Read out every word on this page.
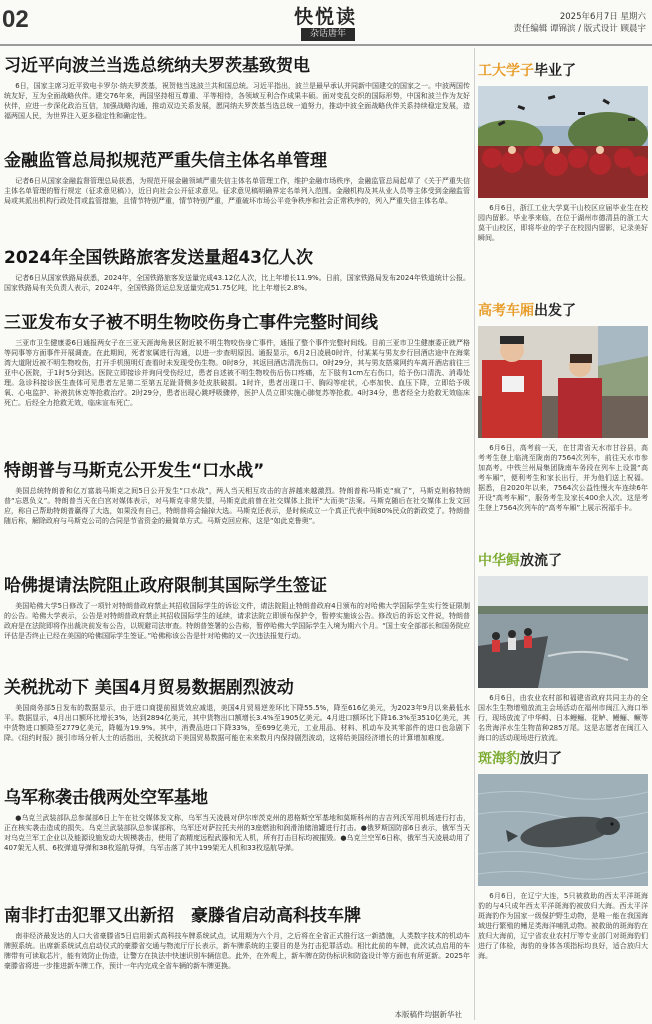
02	快悦读
杂话唐年
2025年6月7日 星期六
责任编辑 谭锦滨 / 版式设计 顾晨宇
习近平向波兰当选总统纳夫罗茨基致贺电

6日，国家主席习近平致电卡罗尔·纳夫罗茨基，祝贺他当选波兰共和国总统。习近平指出，波兰是最早承认并同新中国建交的国家之一。中波两国传统友好，互为全面战略伙伴。建交76年来，两国坚持相互尊重、平等相待，各领域互利合作成果丰硕。面对变乱交织的国际形势，中国和波兰作为友好伙伴，应进一步深化政治互信，加强战略沟通，推动双边关系发展，愿同纳夫罗茨基当选总统一道努力，推动中波全面战略伙伴关系持续稳定发展，造福两国人民，为世界注入更多稳定性和确定性。

金融监管总局拟规范严重失信主体名单管理

记者6日从国家金融监督管理总局获悉，为规范开展金融领域严重失信主体名单管理工作，维护金融市场秩序，金融监管总局起草了《关于严重失信主体名单管理的暂行规定（征求意见稿）》，近日向社会公开征求意见。征求意见稿明确界定名单列入范围。金融机构及其从业人员等主体受到金融监管局或其派出机构行政处罚或监管措施，且情节特别严重，情节特别严重，严重破坏市场公平竞争秩序和社会正常秩序的，列入严重失信主体名单。

2024年全国铁路旅客发送量超43亿人次

记者6日从国家铁路局获悉，2024年，全国铁路旅客发送量完成43.12亿人次，比上年增长11.9%。日前，国家铁路局发布2024年铁道统计公报。国家铁路局有关负责人表示，2024年，全国铁路货运总发送量完成51.75亿吨，比上年增长2.8%。

三亚发布女子被不明生物咬伤身亡事件完整时间线

三亚市卫生健康委6日通报两女子在三亚天涯海角景区附近被不明生物咬伤身亡事件，通报了整个事件完整时间线。目前三亚市卫生健康委正就严格等同事等方面事件开展调查。在此期间，死者家属进行沟通，以进一步查明原因。通报显示，6月2日凌晨0时许，付某某与男友步行回酒店途中在海棠湾大道附近被不明生物咬伤，打开手机照明灯查看时未发现受伤生物。0时8分，其返回酒店清洗伤口。0时29分，其与男友搭乘网约车离开酒店前往三亚中心医院，于1时5分到达。医院立即接诊并询问受伤经过，患者自述被不明生物咬伤后伤口疼痛，左下肢有1cm左右伤口，给予伤口清洗、消毒处理。急诊科接诊医生查体可见患者左足第二至第五足趾背侧多处皮肤破损。1时许，患者出现口干、胸闷等症状，心率加快、血压下降，立即给予吸氧、心电监护、补液抗休克等抢救治疗。2时29分，患者出现心跳呼吸骤停，医护人员立即实施心肺复苏等抢救。4时34分，患者经全力抢救无效临床死亡。后经全力抢救无效，临床宣布死亡。

特朗普与马斯克公开发生“口水战”

美国总统特朗普和亿万富翁马斯克之间5日公开发生“口水战”，两人当天相互攻击的言辞越来越激烈。特朗普称马斯克“疯了”，马斯克则称特朗普“忘恩负义”。特朗普当天在白宫对媒体表示，对马斯克非常失望，马斯克此前曾在社交媒体上批评“大而美”法案。马斯克随后在社交媒体上发文回应，称自己帮助特朗普赢得了大选，如果没有自己，特朗普将会输掉大选。马斯克还表示，是时候成立一个真正代表中间80%民众的新政党了。特朗普随后称，解除政府与马斯克公司的合同是节省资金的最简单方式。马斯克回应称，这是“如此克鲁奥”。

哈佛提请法院阻止政府限制其国际学生签证

美国哈佛大学5日修改了一项针对特朗普政府禁止其招收国际学生的诉讼文件，请法院阻止特朗普政府4日颁布的对哈佛大学国际学生实行签证限制的公告。哈佛大学表示，公告是对特朗普政府禁止其招收国际学生的延续，请求法院立即颁布保护令，暂停实施该公告。修改后的诉讼文件说，特朗普政府是在法院即将作出裁决前发布公告，以规避司法审查。特朗普签署的公告称，暂停哈佛大学国际学生入境为期六个月。“国土安全部部长和国务院应评估是否终止已经在美国的哈佛国际学生签证。”哈佛称该公告是针对哈佛的又一次违法报复行动。

关税扰动下 美国4月贸易数据剧烈波动

美国商务部5日发布的数据显示，由于进口商提前囤货效应减退，美国4月贸易逆差环比下降55.5%，降至616亿美元，为2023年9月以来最低水平。数据显示，4月出口额环比增长3%，达到2894亿美元，其中货物出口额增长3.4%至1905亿美元。4月进口额环比下降16.3%至3510亿美元，其中货物进口额降至2779亿美元，降幅为19.9%。其中，消费品进口下降33%，至699亿美元，工业用品、材料、机动车及其零部件的进口也急剧下降。《纽约时报》援引市场分析人士的话指出，关税扰动下美国贸易数据可能在未来数月内保持剧烈波动，这将给美国经济增长的计算增加难度。

乌军称袭击俄两处空军基地

●乌克兰武装部队总参谋部6日上午在社交媒体发文称，乌军当天凌晨对伊尔库茨克州的恩格斯空军基地和莫斯科州的吉吉列沃军用机场进行打击，正在核实袭击造成的损失。乌克兰武装部队总参谋部称，乌军还对萨拉托夫州的3座燃油和润滑油储油罐进行打击。●俄罗斯国防部6日表示，俄军当天对乌克兰军工企业以及能源设施发动大规模袭击，使用了高精度远程武器和无人机，所有打击目标均被摧毁。●乌克兰空军6日称，俄军当天凌晨动用了407架无人机、6枚弹道导弹和38枚巡航导弹，乌军击落了其中199架无人机和33枚巡航导弹。

南非打击犯罪又出新招　豪滕省启动高科技车牌

南非经济最发达的人口大省豪滕省5日启用新式高科技车牌系统试点，试用期为六个月，之后将在全省正式推行这一新措施，人类数字技术的机动车牌照系统。出席新系统试点启动仪式的豪滕省交通与物流厅厅长表示，新车牌系统的主要目的是为打击犯罪活动。相比此前的车牌，此次试点启用的车牌带有可读取芯片，能有效防止伪造，让警方在执法中快速识别车辆信息。此外，在外观上，新车牌在防伪标识和防盗设计等方面也有所更新。2025年豪滕省将进一步推进新车牌工作，预计一年内完成全省车辆的新车牌更换。

本版稿件均据新华社
工大学子毕业了

6月6日，浙江工业大学莫干山校区应届毕业生在校园内留影。毕业季来临，在位于湖州市德清县的浙工大莫干山校区，即将毕业的学子在校园内留影，记录美好瞬间。

高考车厢出发了

6月6日，高考前一天，在甘肃省天水市甘谷县，高考考生登上临洮至陇南的7564次列车，前往天水市参加高考。中铁兰州局集团陇南车务段在列车上设置“高考车厢”，便利考生和家长出行，并为他们送上祝福。据悉，自2020年以来，7564次公益性慢火车连续6年开设“高考车厢”，服务考生及家长400余人次。这是考生登上7564次列车的“高考车厢”上展示祝福手卡。

中华鲟放流了

6月6日，由农业农村部和福建省政府共同主办的全国水生生物增殖放流主会场活动在福州市闽江入海口举行，现场放流了中华鲟、日本鳗鲡、花鲈、鳗鲡、鳜等名贵海洋水生生物苗种285万尾。这是志愿者在闽江入海口的活动现场进行放流。

斑海豹放归了

6月6日，在辽宁大连，5只被救助的西太平洋斑海豹的与4只成年西太平洋斑海豹被放归大海。西太平洋斑海豹作为国家一级保护野生动物，是唯一能在我国海域进行繁殖的鳍足类海洋哺乳动物。被救助的斑海豹在放归大海前，辽宁省农业农村厅等专业部门对斑海豹们进行了体检，海豹的身体各项指标均良好，适合放归大海。
